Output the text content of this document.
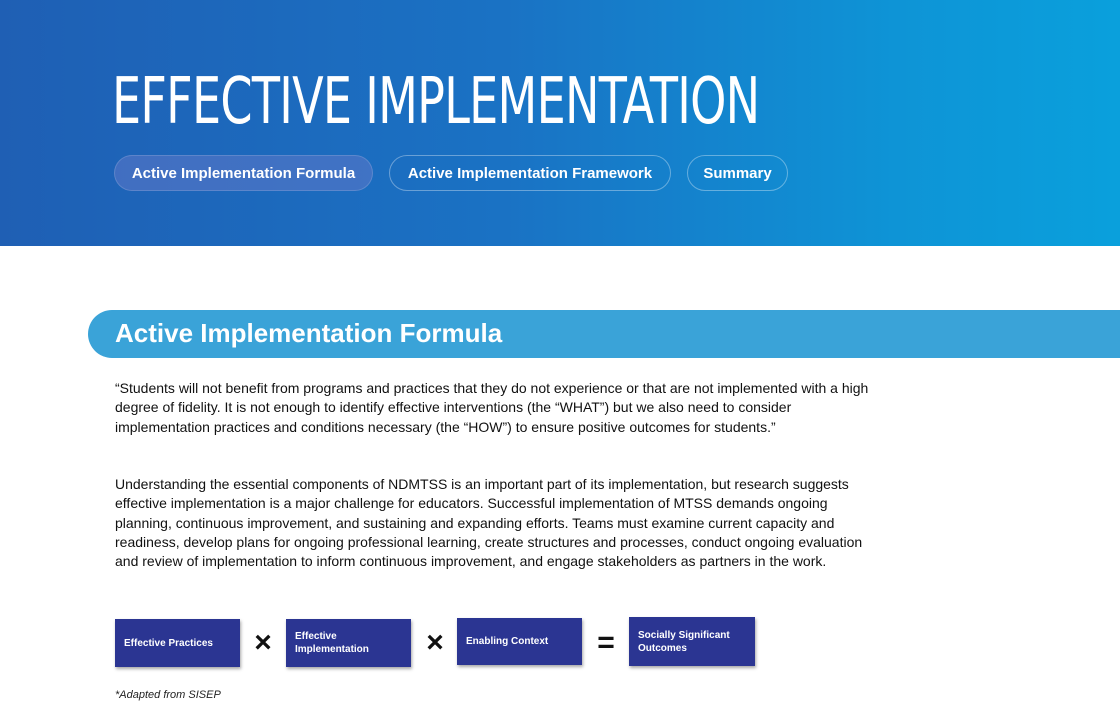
EFFECTIVE IMPLEMENTATION
Active Implementation Formula	Active Implementation Framework	Summary
Active Implementation Formula

“Students will not benefit from programs and practices that they do not experience or that are not implemented with a high degree of fidelity. It is not enough to identify effective interventions (the “WHAT”) but we also need to consider implementation practices and conditions necessary (the “HOW”) to ensure positive outcomes for students.”

Understanding the essential components of NDMTSS is an important part of its implementation, but research suggests effective implementation is a major challenge for educators. Successful implementation of MTSS demands ongoing planning, continuous improvement, and sustaining and expanding efforts. Teams must examine current capacity and readiness, develop plans for ongoing professional learning, create structures and processes, conduct ongoing evaluation and review of implementation to inform continuous improvement, and engage stakeholders as partners in the work.

Effective Practices	×	Effective Implementation	×	Enabling Context	=	Socially Significant Outcomes
*Adapted from SISEP
